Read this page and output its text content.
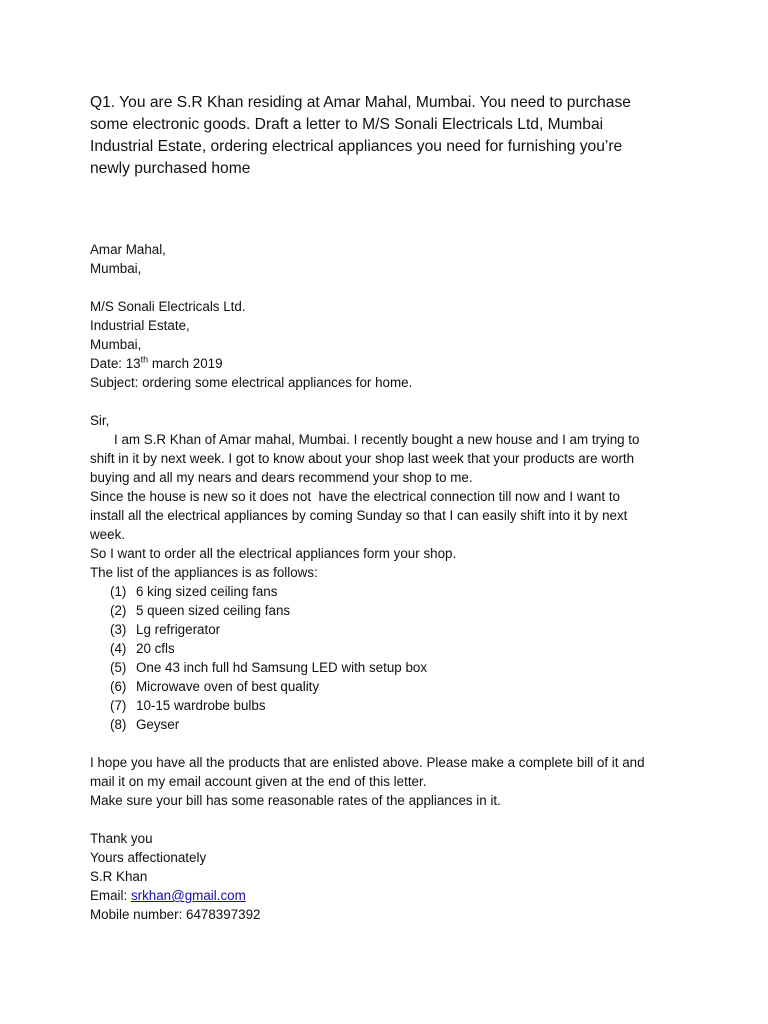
Q1. You are S.R Khan residing at Amar Mahal, Mumbai. You need to purchase
some electronic goods. Draft a letter to M/S Sonali Electricals Ltd, Mumbai
Industrial Estate, ordering electrical appliances you need for furnishing you’re
newly purchased home
Amar Mahal,
Mumbai,
M/S Sonali Electricals Ltd.
Industrial Estate,
Mumbai,
Date: 13th march 2019
Subject: ordering some electrical appliances for home.
Sir,
I am S.R Khan of Amar mahal, Mumbai. I recently bought a new house and I am trying to
shift in it by next week. I got to know about your shop last week that your products are worth
buying and all my nears and dears recommend your shop to me.
Since the house is new so it does not  have the electrical connection till now and I want to
install all the electrical appliances by coming Sunday so that I can easily shift into it by next
week.
So I want to order all the electrical appliances form your shop.
The list of the appliances is as follows:
(1) 6 king sized ceiling fans
(2) 5 queen sized ceiling fans
(3) Lg refrigerator
(4) 20 cfls
(5) One 43 inch full hd Samsung LED with setup box
(6) Microwave oven of best quality
(7) 10-15 wardrobe bulbs
(8) Geyser
I hope you have all the products that are enlisted above. Please make a complete bill of it and
mail it on my email account given at the end of this letter.
Make sure your bill has some reasonable rates of the appliances in it.
Thank you
Yours affectionately
S.R Khan
Email: srkhan@gmail.com
Mobile number: 6478397392
